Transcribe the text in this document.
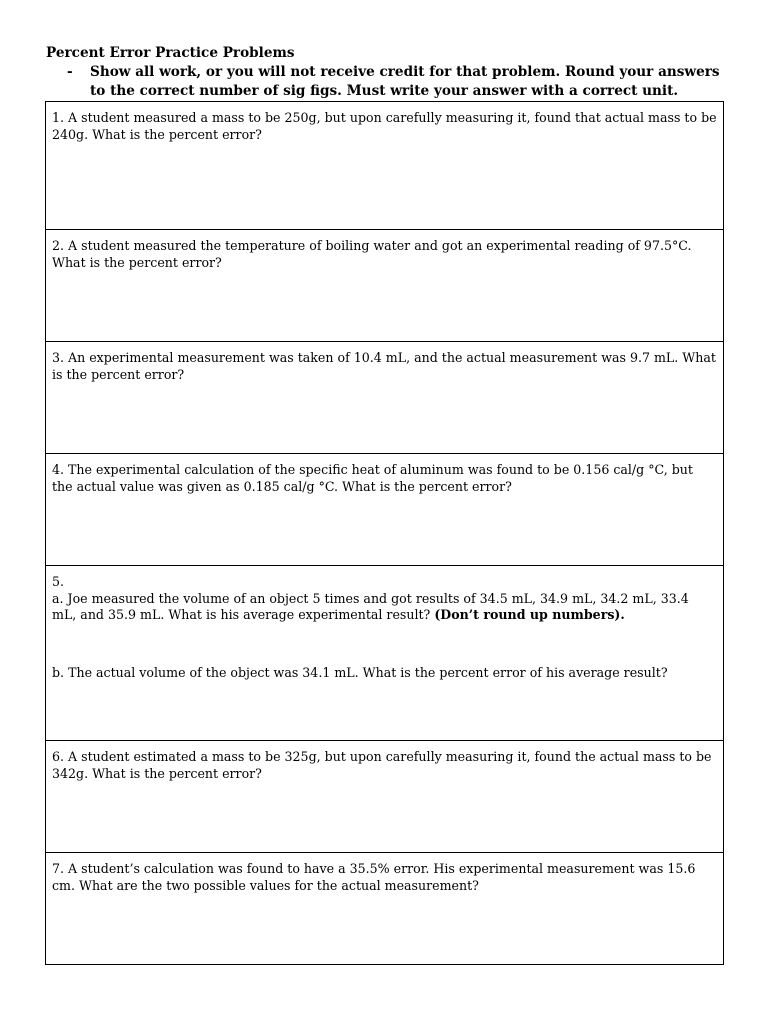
Percent Error Practice Problems
- Show all work, or you will not receive credit for that problem. Round your answers to the correct number of sig figs. Must write your answer with a correct unit.
1. A student measured a mass to be 250g, but upon carefully measuring it, found that actual mass to be 240g. What is the percent error?
2. A student measured the temperature of boiling water and got an experimental reading of 97.5°C. What is the percent error?
3. An experimental measurement was taken of 10.4 mL, and the actual measurement was 9.7 mL. What is the percent error?
4. The experimental calculation of the specific heat of aluminum was found to be 0.156 cal/g °C, but the actual value was given as 0.185 cal/g °C. What is the percent error?

5.
a. Joe measured the volume of an object 5 times and got results of 34.5 mL, 34.9 mL, 34.2 mL, 33.4 mL, and 35.9 mL. What is his average experimental result? (Don’t round up numbers).
b. The actual volume of the object was 34.1 mL. What is the percent error of his average result?

6. A student estimated a mass to be 325g, but upon carefully measuring it, found the actual mass to be 342g. What is the percent error?
7. A student’s calculation was found to have a 35.5% error. His experimental measurement was 15.6 cm. What are the two possible values for the actual measurement?
